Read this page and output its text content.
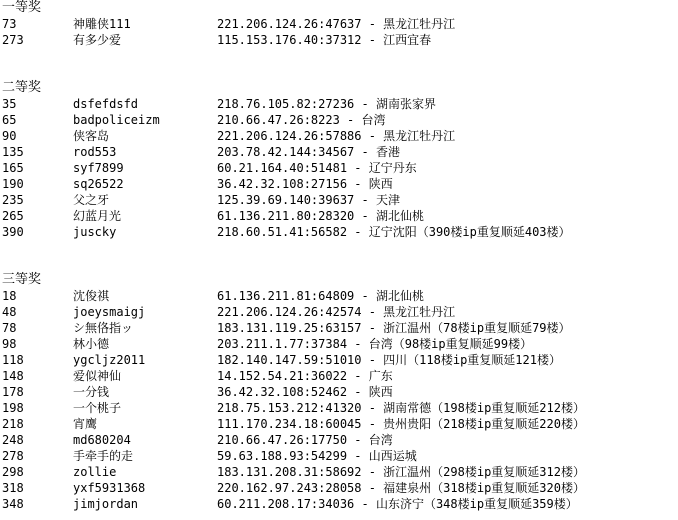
一等奖
73	神雕侠111	221.206.124.26:47637 - 黑龙江牡丹江
273	有多少爱	115.153.176.40:37312 - 江西宜春
二等奖
35	dsfefdsfd	218.76.105.82:27236 - 湖南张家界
65	badpoliceizm	210.66.47.26:8223 - 台湾
90	侠客岛	221.206.124.26:57886 - 黑龙江牡丹江
135	rod553	203.78.42.144:34567 - 香港
165	syf7899	60.21.164.40:51481 - 辽宁丹东
190	sq26522	36.42.32.108:27156 - 陕西
235	父之牙	125.39.69.140:39637 - 天津
265	幻蓝月光	61.136.211.80:28320 - 湖北仙桃
390	juscky	218.60.51.41:56582 - 辽宁沈阳（390楼ip重复顺延403楼）
三等奖
18	沈俊祺	61.136.211.81:64809 - 湖北仙桃
48	joeysmaigj	221.206.124.26:42574 - 黑龙江牡丹江
78	シ無佫指ッ	183.131.119.25:63157 - 浙江温州（78楼ip重复顺延79楼）
98	林小德	203.211.1.77:37384 - 台湾（98楼ip重复顺延99楼）
118	ygcljz2011	182.140.147.59:51010 - 四川（118楼ip重复顺延121楼）
148	爱似神仙	14.152.54.21:36022 - 广东
178	一分钱	36.42.32.108:52462 - 陕西
198	一个桃子	218.75.153.212:41320 - 湖南常德（198楼ip重复顺延212楼）
218	宵鹰	111.170.234.18:60045 - 贵州贵阳（218楼ip重复顺延220楼）
248	md680204	210.66.47.26:17750 - 台湾
278	手牵手的走	59.63.188.93:54299 - 山西运城
298	zollie	183.131.208.31:58692 - 浙江温州（298楼ip重复顺延312楼）
318	yxf5931368	220.162.97.243:28058 - 福建泉州（318楼ip重复顺延320楼）
348	jimjordan	60.211.208.17:34036 - 山东济宁（348楼ip重复顺延359楼）
